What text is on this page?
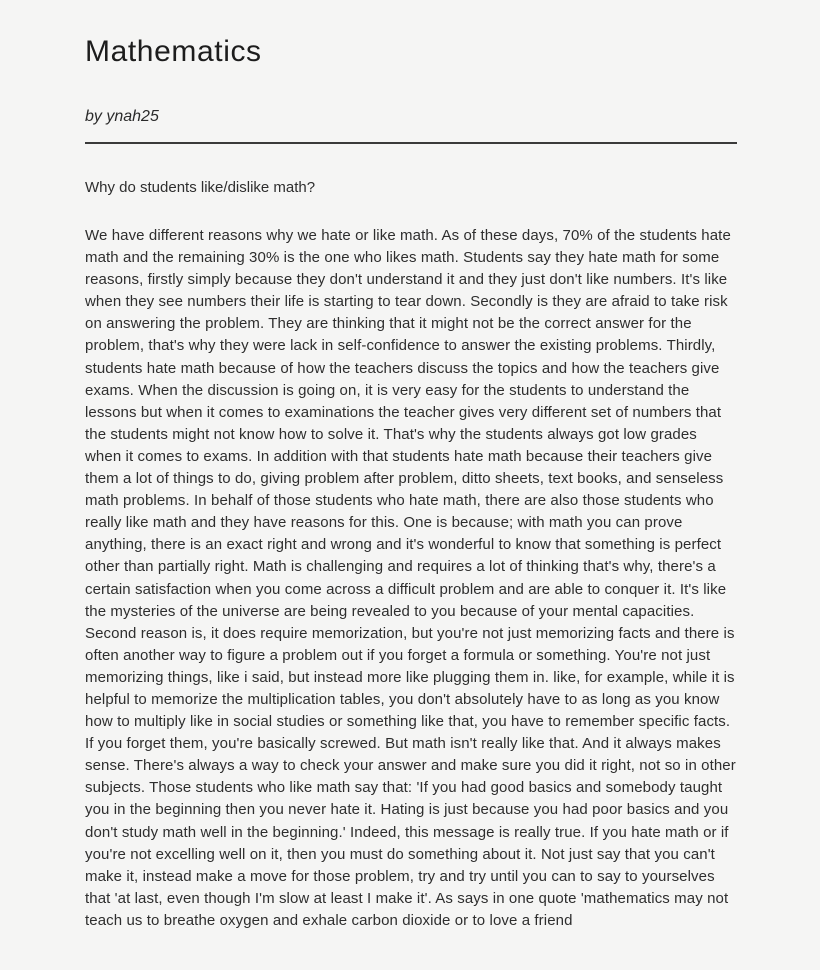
Mathematics

by ynah25

Why do students like/dislike math?

We have different reasons why we hate or like math. As of these days, 70% of the students hate math and the remaining 30% is the one who likes math. Students say they hate math for some reasons, firstly simply because they don't understand it and they just don't like numbers. It's like when they see numbers their life is starting to tear down. Secondly is they are afraid to take risk on answering the problem. They are thinking that it might not be the correct answer for the problem, that's why they were lack in self-confidence to answer the existing problems. Thirdly, students hate math because of how the teachers discuss the topics and how the teachers give exams. When the discussion is going on, it is very easy for the students to understand the lessons but when it comes to examinations the teacher gives very different set of numbers that the students might not know how to solve it. That's why the students always got low grades when it comes to exams. In addition with that students hate math because their teachers give them a lot of things to do, giving problem after problem, ditto sheets, text books, and senseless math problems. In behalf of those students who hate math, there are also those students who really like math and they have reasons for this. One is because; with math you can prove anything, there is an exact right and wrong and it's wonderful to know that something is perfect other than partially right. Math is challenging and requires a lot of thinking that's why, there's a certain satisfaction when you come across a difficult problem and are able to conquer it. It's like the mysteries of the universe are being revealed to you because of your mental capacities. Second reason is, it does require memorization, but you're not just memorizing facts and there is often another way to figure a problem out if you forget a formula or something. You're not just memorizing things, like i said, but instead more like plugging them in. like, for example, while it is helpful to memorize the multiplication tables, you don't absolutely have to as long as you know how to multiply like in social studies or something like that, you have to remember specific facts. If you forget them, you're basically screwed. But math isn't really like that. And it always makes sense. There's always a way to check your answer and make sure you did it right, not so in other subjects. Those students who like math say that: 'If you had good basics and somebody taught you in the beginning then you never hate it. Hating is just because you had poor basics and you don't study math well in the beginning.' Indeed, this message is really true. If you hate math or if you're not excelling well on it, then you must do something about it. Not just say that you can't make it, instead make a move for those problem, try and try until you can to say to yourselves that 'at last, even though I'm slow at least I make it'. As says in one quote 'mathematics may not teach us to breathe oxygen and exhale carbon dioxide or to love a friend
